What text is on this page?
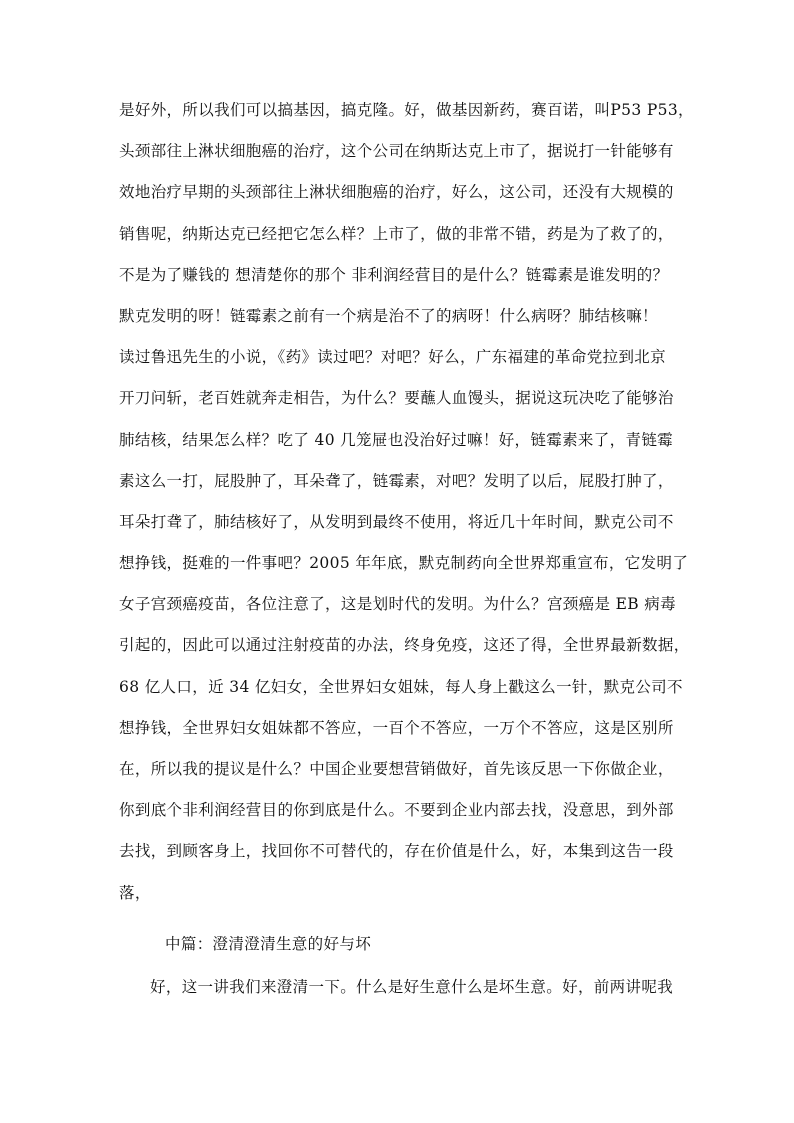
是好外，所以我们可以搞基因，搞克隆。好，做基因新药，赛百诺，叫P53 P53，
头颈部往上淋状细胞癌的治疗，这个公司在纳斯达克上市了，据说打一针能够有
效地治疗早期的头颈部往上淋状细胞癌的治疗，好么，这公司，还没有大规模的
销售呢，纳斯达克已经把它怎么样？上市了，做的非常不错，药是为了救了的，
不是为了赚钱的 想清楚你的那个 非利润经营目的是什么？链霉素是谁发明的？
默克发明的呀！链霉素之前有一个病是治不了的病呀！什么病呀？肺结核嘛！
读过鲁迅先生的小说，《药》读过吧？对吧？好么，广东福建的革命党拉到北京
开刀问斩，老百姓就奔走相告，为什么？要蘸人血馒头，据说这玩决吃了能够治
肺结核，结果怎么样？吃了 40 几笼屉也没治好过嘛！好，链霉素来了，青链霉
素这么一打，屁股肿了，耳朵聋了，链霉素，对吧？发明了以后，屁股打肿了，
耳朵打聋了，肺结核好了，从发明到最终不使用，将近几十年时间，默克公司不
想挣钱，挺难的一件事吧？2005 年年底，默克制药向全世界郑重宣布，它发明了
女子宫颈癌疫苗，各位注意了，这是划时代的发明。为什么？宫颈癌是 EB 病毒
引起的，因此可以通过注射疫苗的办法，终身免疫，这还了得，全世界最新数据，
68 亿人口，近 34 亿妇女，全世界妇女姐妹，每人身上戳这么一针，默克公司不
想挣钱，全世界妇女姐妹都不答应，一百个不答应，一万个不答应，这是区别所
在，所以我的提议是什么？中国企业要想营销做好，首先该反思一下你做企业，
你到底个非利润经营目的你到底是什么。不要到企业内部去找，没意思，到外部
去找，到顾客身上，找回你不可替代的，存在价值是什么，好，本集到这告一段
落，
中篇：澄清澄清生意的好与坏
好，这一讲我们来澄清一下。什么是好生意什么是坏生意。好，前两讲呢我
